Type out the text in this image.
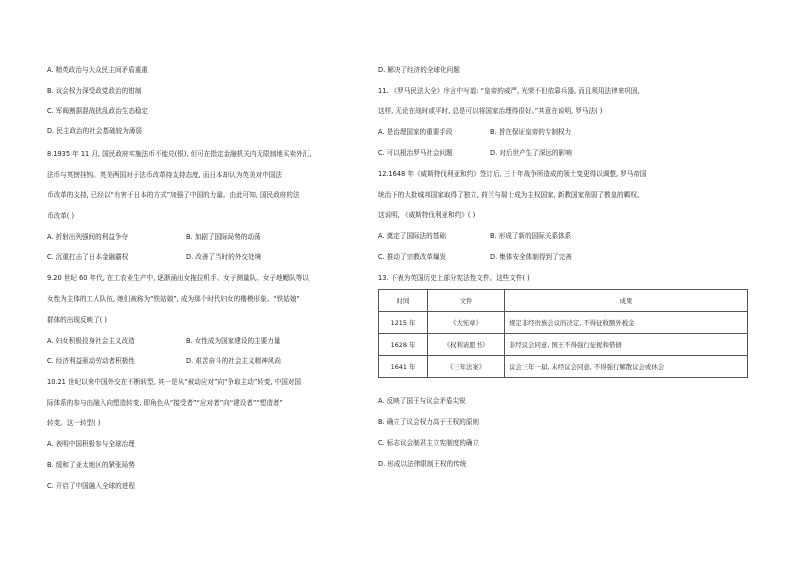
A. 精英政治与大众民主间矛盾重重
B. 议会权力深受政党政治的钳制
C. 军阀割据混战扰乱政治生态稳定
D. 民主政治的社会基础较为薄弱
8.1935 年 11 月, 国民政府实施法币不能兑(银), 但可在指定金融机关内无限制地买卖外汇,
法币与英镑挂钩。英美两国对于法币改革持支持态度, 而日本却认为英美对中国法
币改革的支持, 已经以“有害于日本的方式”加强了中国的力量。由此可知, 国民政府的法
币改革( )
A. 折射出列强间的利益争夺	B. 加剧了国际局势的动荡
C. 沉重打击了日本金融霸权	D. 改善了当时的外交处境
9.20 世纪 60 年代, 在工农业生产中, 逐渐涌出女拖拉机手、女子测量队、女子地鳃队等以
女性为主体的工人队伍, 她们被称为“铁姑娘”, 成为那个时代妇女的楷模形象。“铁姑娘”
群体的出现反映了( )
A. 妇女积极投身社会主义改造	B. 女性成为国家建设的主要力量
C. 经济利益驱动劳动者积极性	D. 艰苦奋斗的社会主义精神风尚
10.21 世纪以来中国外交在不断转型, 其一是从“被动应对”向“争取主动”转变, 中国对国
际体系的参与由融入向塑造转变, 即角色从“接受者”“应对者”向“建设者”“塑造者”
转变。这一转型( )
A. 表明中国积极参与全球治理
B. 缓和了亚太地区的紧张局势
C. 开启了中国融入全球的进程
D. 解决了经济的全球化问题
11. 《罗马民法大全》序言中写道: “皇帝的威严, 光荣不但依靠兵器, 而且须用法律来巩固,
这样, 无论在战时或平时, 总是可以将国家治理得很好。”其意在说明, 罗马法( )
A. 是治理国家的重要手段	B. 旨在保证皇帝的专制权力
C. 可以根治罗马社会问题	D. 对后世产生了深远的影响
12.1648 年《威斯特伐利亚和约》签订后, 三十年战争所造成的领土变更得以调整, 罗马帝国
统治下的大批城邦国家取得了独立, 荷兰与瑞士成为主权国家, 新教国家削弱了教皇的羁权。
这说明, 《威斯特伐利亚和约》( )
A. 奠定了国际法的基础	B. 形成了新的国际关系体系
C. 推动了宗教改革爆发	D. 集体安全体制得到了完善
13. 下表为英国历史上部分宪法性文件。这些文件( )
时间	文件	成果
1215 年	《大宪章》	规定非经贵族会议的决定, 不得征收额外税金
1628 年	《权利请愿书》	非经议会同意, 国王不得强行征税和借债
1641 年	《三年法案》	议会三年一届, 未经议会同意, 不得强行解散议会或休会
A. 反映了国王与议会矛盾尖锐
B. 确立了议会权力高于王权的原则
C. 标志议会制君主立宪制度的确立
D. 形成以法律限制王权的传统
